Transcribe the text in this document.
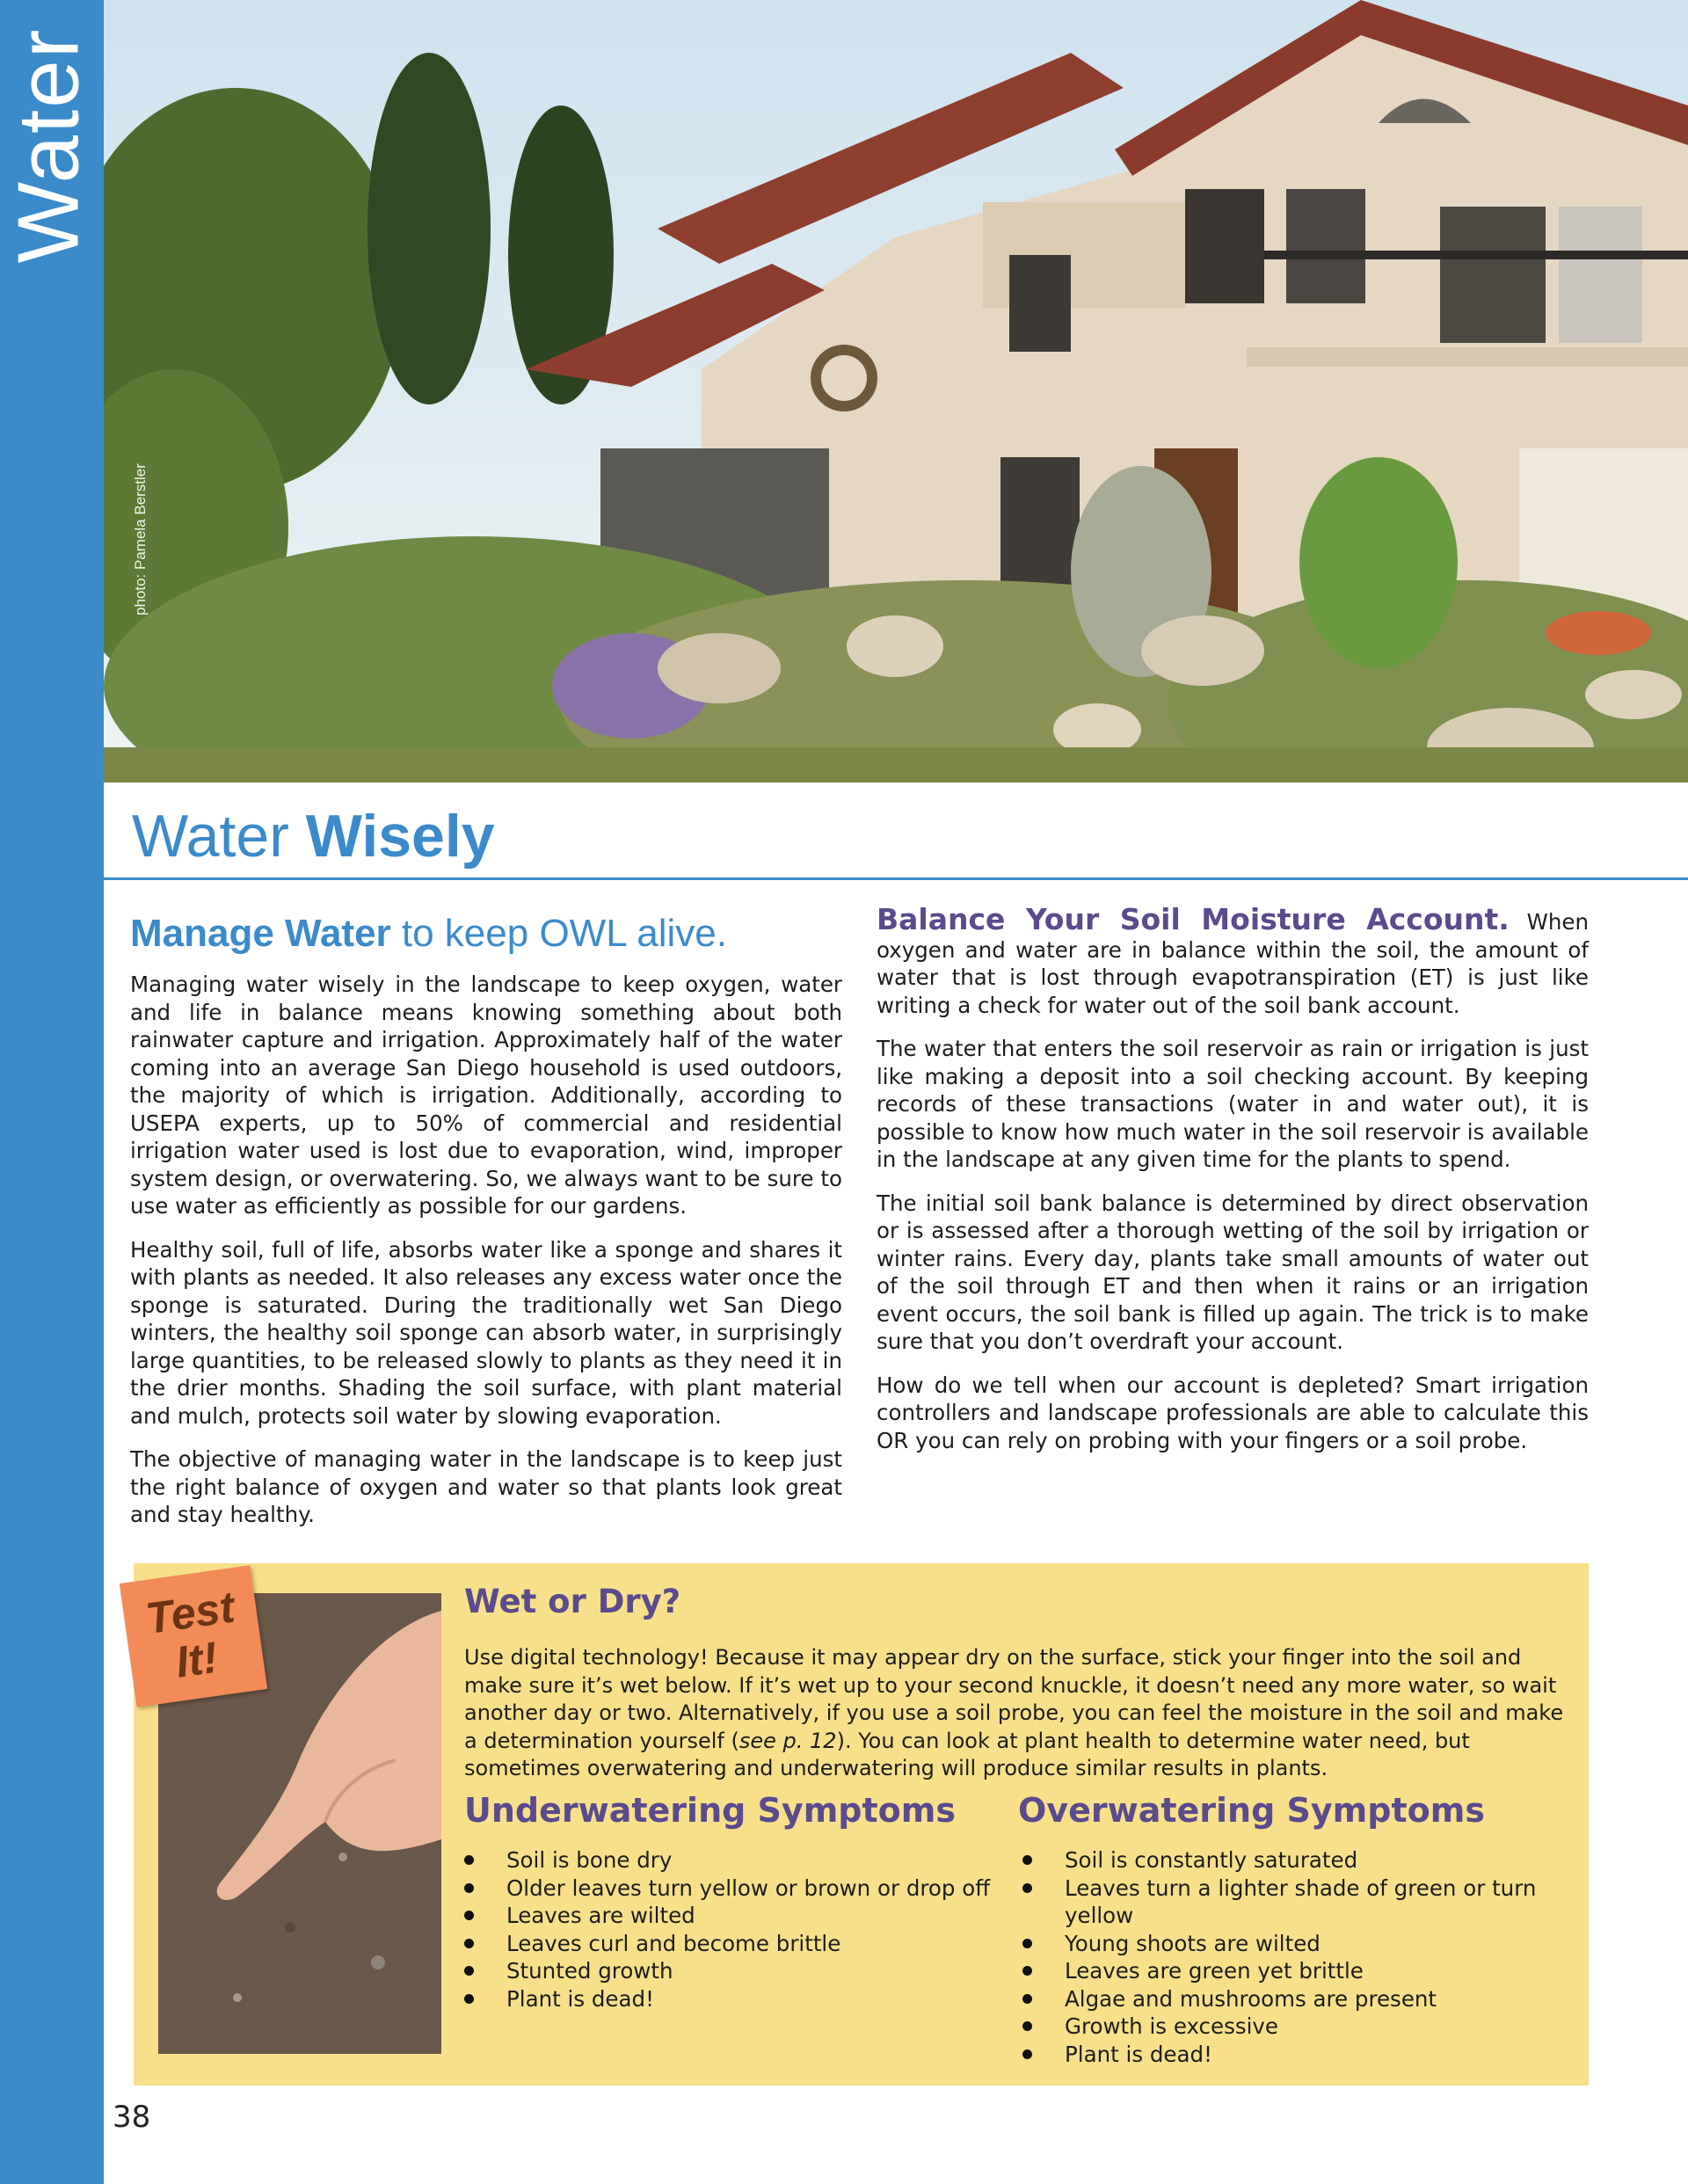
Water
photo: Pamela Berstler
Water Wisely
Manage Water to keep OWL alive.

Managing water wisely in the landscape to keep oxygen, water and life in balance means knowing something about both rainwater capture and irrigation. Approximately half of the water coming into an average San Diego household is used outdoors, the majority of which is irrigation. Additionally, according to USEPA experts, up to 50% of commercial and residential irrigation water used is lost due to evaporation, wind, improper system design, or overwatering. So, we always want to be sure to use water as efficiently as possible for our gardens.

Healthy soil, full of life, absorbs water like a sponge and shares it with plants as needed. It also releases any excess water once the sponge is saturated. During the traditionally wet San Diego winters, the healthy soil sponge can absorb water, in surprisingly large quantities, to be released slowly to plants as they need it in the drier months. Shading the soil surface, with plant material and mulch, protects soil water by slowing evaporation.

The objective of managing water in the landscape is to keep just the right balance of oxygen and water so that plants look great and stay healthy.

Balance Your Soil Moisture Account. When oxygen and water are in balance within the soil, the amount of water that is lost through evapotranspiration (ET) is just like writing a check for water out of the soil bank account.

The water that enters the soil reservoir as rain or irrigation is just like making a deposit into a soil checking account. By keeping records of these transactions (water in and water out), it is possible to know how much water in the soil reservoir is available in the landscape at any given time for the plants to spend.

The initial soil bank balance is determined by direct observation or is assessed after a thorough wetting of the soil by irrigation or winter rains. Every day, plants take small amounts of water out of the soil through ET and then when it rains or an irrigation event occurs, the soil bank is filled up again. The trick is to make sure that you don’t overdraft your account.

How do we tell when our account is depleted? Smart irrigation controllers and landscape professionals are able to calculate this OR you can rely on probing with your fingers or a soil probe.

Test
It!
Wet or Dry?
Use digital technology! Because it may appear dry on the surface, stick your finger into the soil and make sure it’s wet below. If it’s wet up to your second knuckle, it doesn’t need any more water, so wait another day or two. Alternatively, if you use a soil probe, you can feel the moisture in the soil and make a determination yourself (see p. 12). You can look at plant health to determine water need, but sometimes overwatering and underwatering will produce similar results in plants.
Underwatering Symptoms
Soil is bone dry
Older leaves turn yellow or brown or drop off
Leaves are wilted
Leaves curl and become brittle
Stunted growth
Plant is dead!
Overwatering Symptoms
Soil is constantly saturated
Leaves turn a lighter shade of green or turn yellow
Young shoots are wilted
Leaves are green yet brittle
Algae and mushrooms are present
Growth is excessive
Plant is dead!
38
